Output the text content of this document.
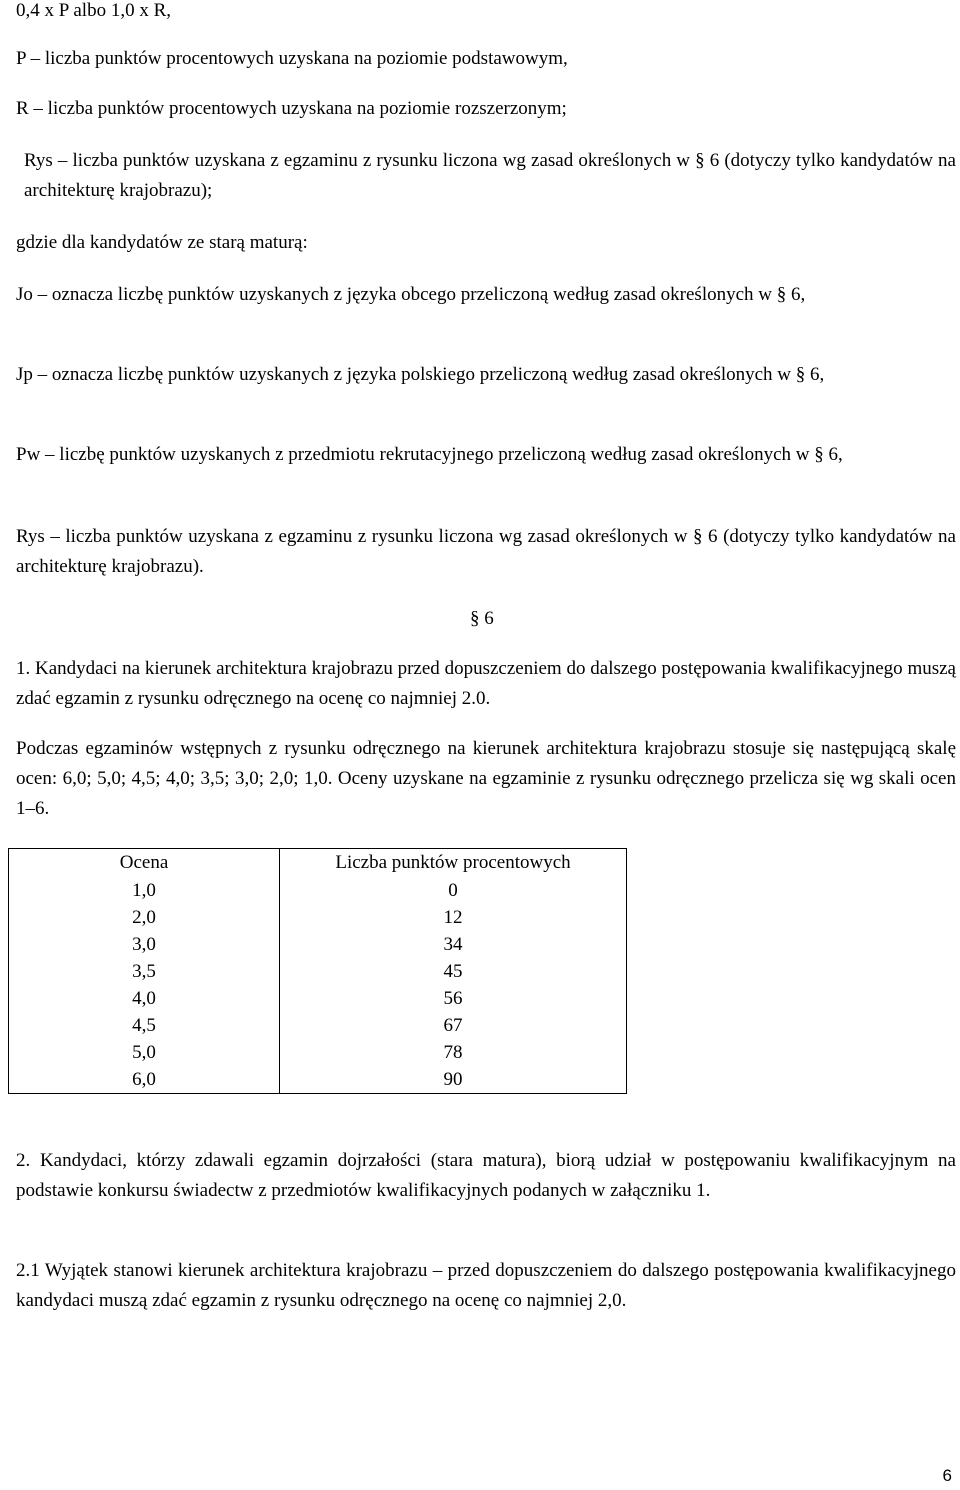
0,4 x P albo 1,0 x R,

P – liczba punktów procentowych uzyskana na poziomie podstawowym,

R – liczba punktów procentowych uzyskana na poziomie rozszerzonym;

Rys – liczba punktów uzyskana z egzaminu z rysunku liczona wg zasad określonych w § 6 (dotyczy tylko kandydatów na architekturę krajobrazu);

gdzie dla kandydatów ze starą maturą:

Jo – oznacza liczbę punktów uzyskanych z języka obcego przeliczoną według zasad określonych w § 6,

Jp – oznacza liczbę punktów uzyskanych z języka polskiego przeliczoną według zasad określonych w § 6,

Pw – liczbę punktów uzyskanych z przedmiotu rekrutacyjnego przeliczoną według zasad określonych w § 6,

Rys – liczba punktów uzyskana z egzaminu z rysunku liczona wg zasad określonych w § 6 (dotyczy tylko kandydatów na architekturę krajobrazu).

§ 6

1. Kandydaci na kierunek architektura krajobrazu przed dopuszczeniem do dalszego postępowania kwalifikacyjnego muszą zdać egzamin z rysunku odręcznego na ocenę co najmniej 2.0.

Podczas egzaminów wstępnych z rysunku odręcznego na kierunek architektura krajobrazu stosuje się następującą skalę ocen: 6,0; 5,0; 4,5; 4,0; 3,5; 3,0; 2,0; 1,0. Oceny uzyskane na egzaminie z rysunku odręcznego przelicza się wg skali ocen 1–6.

Ocena	Liczba punktów procentowych
1,0	0
2,0	12
3,0	34
3,5	45
4,0	56
4,5	67
5,0	78
6,0	90

2. Kandydaci, którzy zdawali egzamin dojrzałości (stara matura), biorą udział w postępowaniu kwalifikacyjnym na podstawie konkursu świadectw z przedmiotów kwalifikacyjnych podanych w załączniku 1.

2.1 Wyjątek stanowi kierunek architektura krajobrazu – przed dopuszczeniem do dalszego postępowania kwalifikacyjnego kandydaci muszą zdać egzamin z rysunku odręcznego na ocenę co najmniej 2,0.

6
